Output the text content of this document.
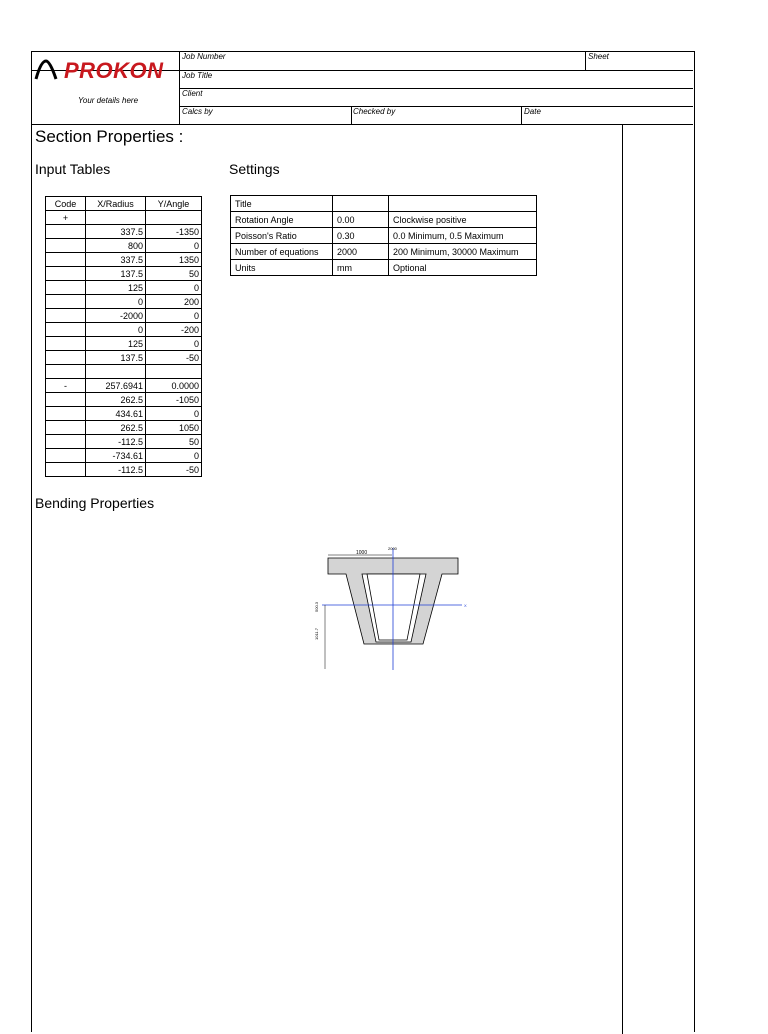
PROKON
Your details here
Job Number	Sheet
Job Title
Client
Calcs by	Checked by	Date
Section Properties :
Input Tables	Settings
Bending Properties
Code	X/Radius	Y/Angle
+		
	337.5	-1350
	800	0
	337.5	1350
	137.5	50
	125	0
	0	200
	-2000	0
	0	-200
	125	0
	137.5	-50

-	257.6941	0.0000
	262.5	-1050
	434.61	0
	262.5	1050
	-112.5	50
	-734.61	0
	-112.5	-50
Title		
Rotation Angle	0.00	Clockwise positive
Poisson's Ratio	0.30	0.0 Minimum, 0.5 Maximum
Number of equations	2000	200 Minimum, 30000 Maximum
Units	mm	Optional
1000
2000
500.3
1011.7
X
